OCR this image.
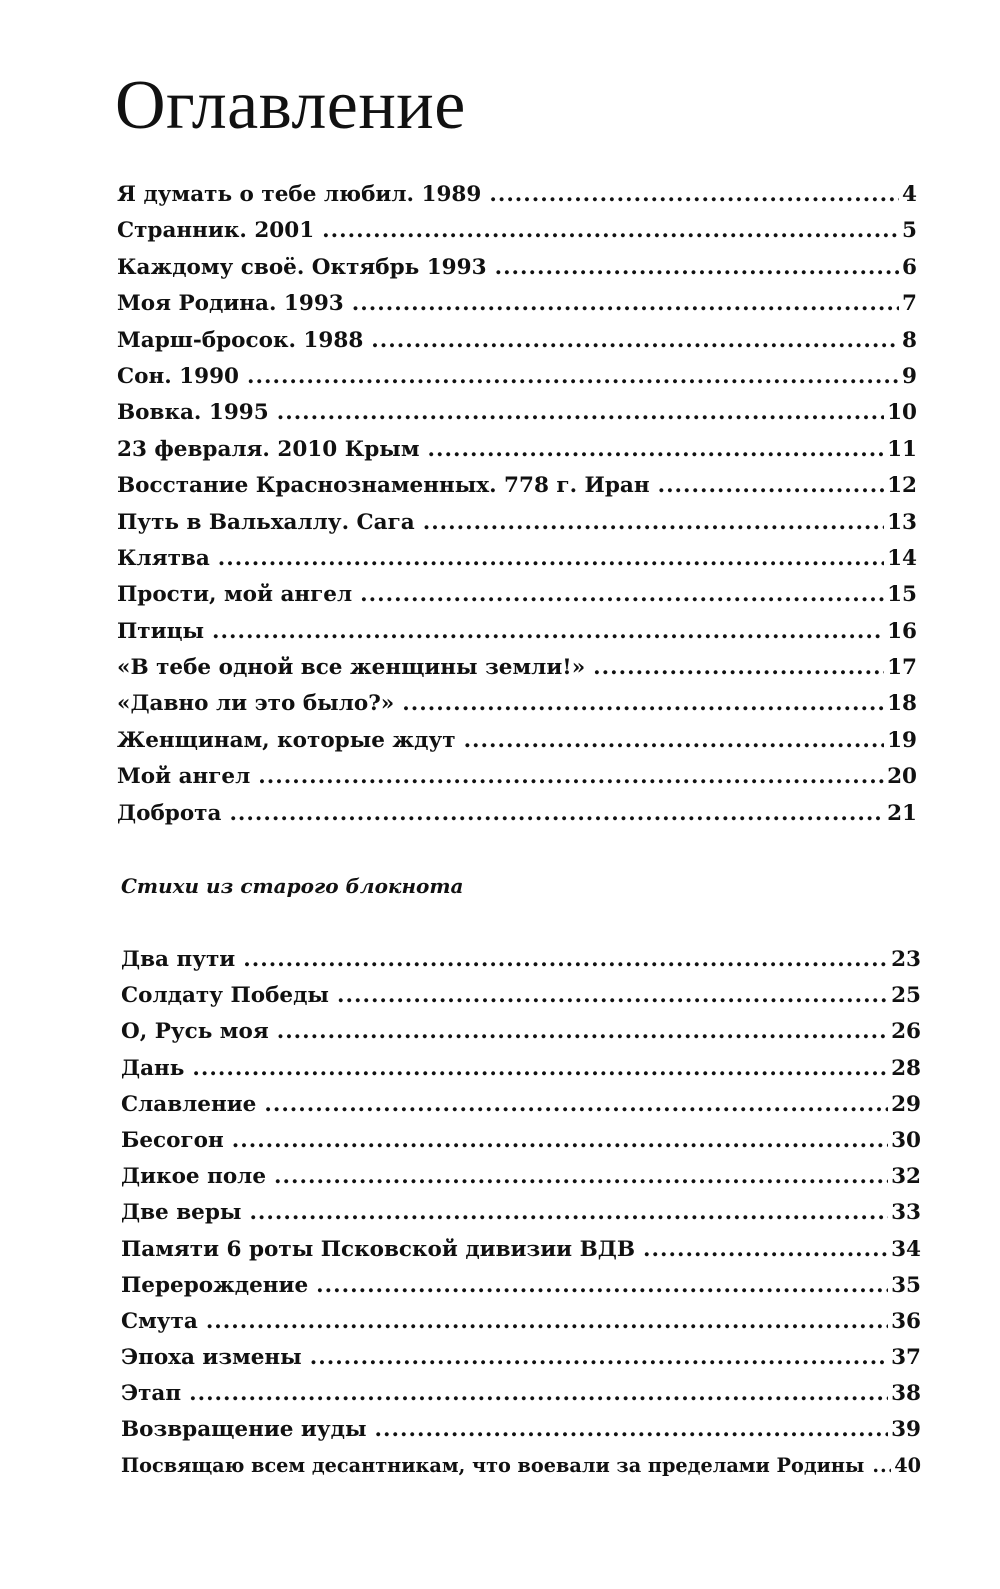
Оглавление
Я думать о тебе любил. 1989 .....	4
Странник. 2001 .....	5
Каждому своё. Октябрь 1993 .....	6
Моя Родина. 1993 .....	7
Марш-бросок. 1988 .....	8
Сон. 1990 .....	9
Вовка. 1995 .....	10
23 февраля. 2010 Крым .....	11
Восстание Краснознаменных. 778 г. Иран .....	12
Путь в Вальхаллу. Сага .....	13
Клятва .....	14
Прости, мой ангел .....	15
Птицы .....	16
«В тебе одной все женщины земли!» .....	17
«Давно ли это было?» .....	18
Женщинам, которые ждут .....	19
Мой ангел .....	20
Доброта .....	21
Стихи из старого блокнота
Два пути .....	23
Солдату Победы .....	25
О, Русь моя .....	26
Дань .....	28
Славление .....	29
Бесогон .....	30
Дикое поле .....	32
Две веры .....	33
Памяти 6 роты Псковской дивизии ВДВ .....	34
Перерождение .....	35
Смута .....	36
Эпоха измены .....	37
Этап .....	38
Возвращение иуды .....	39
Посвящаю всем десантникам, что воевали за пределами Родины ..... 40
